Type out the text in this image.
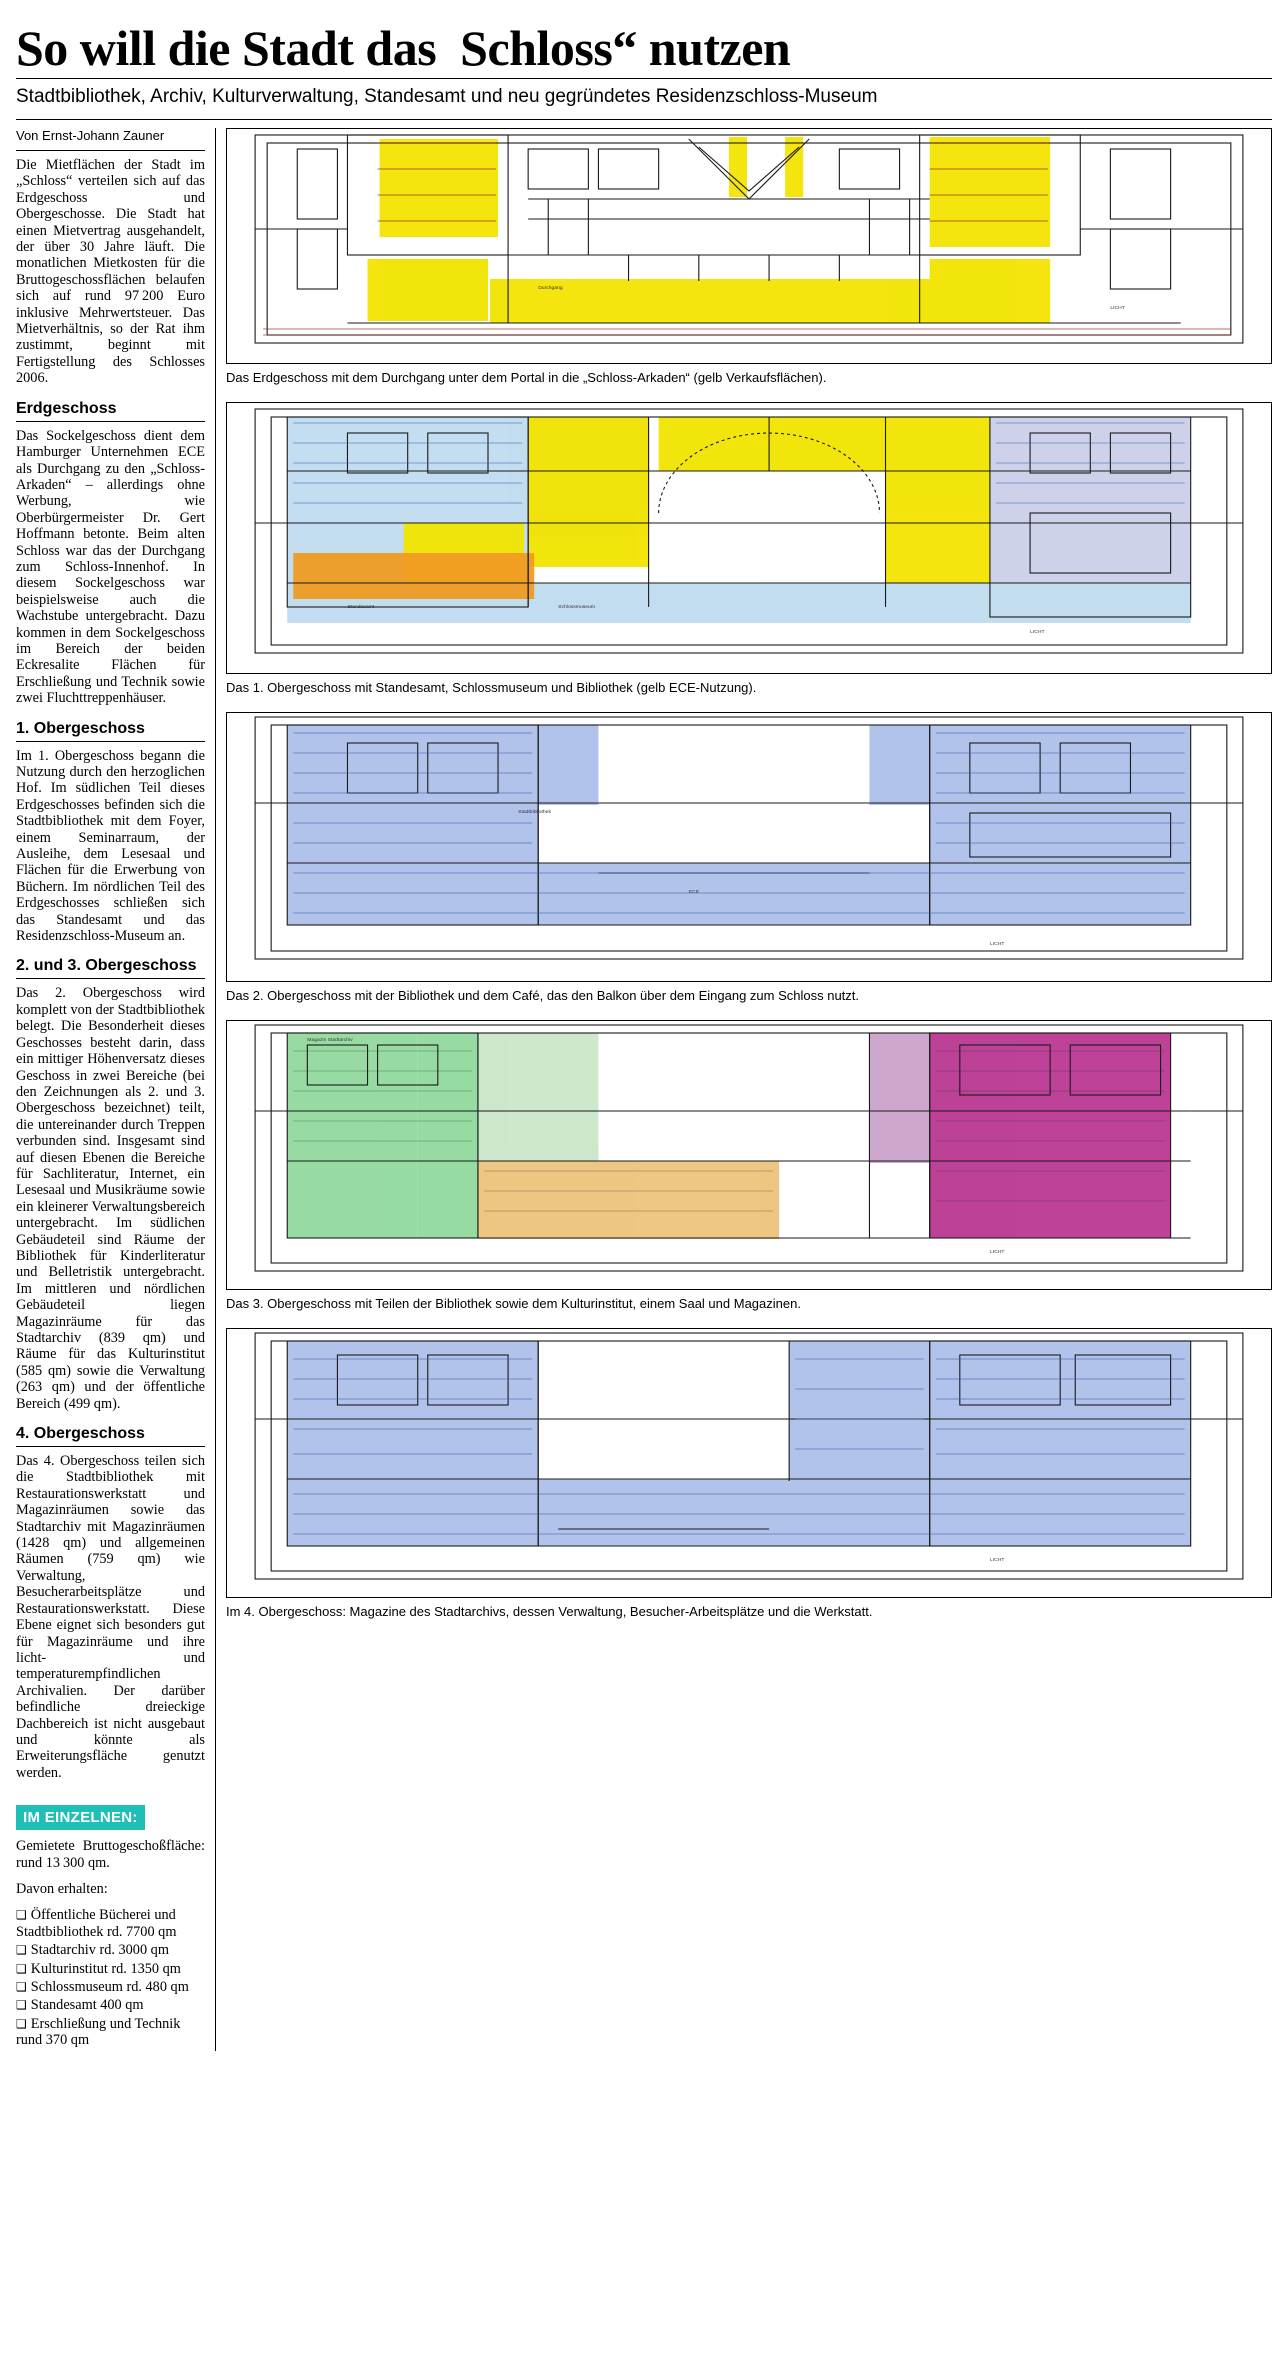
So will die Stadt das  Schloss“ nutzen
Stadtbibliothek, Archiv, Kulturverwaltung, Standesamt und neu gegründetes Residenzschloss-Museum
Von Ernst-Johann Zauner

Die Mietflächen der Stadt im „Schloss“ verteilen sich auf das Erdgeschoss und Obergeschosse. Die Stadt hat einen Mietvertrag ausgehandelt, der über 30 Jahre läuft. Die monatlichen Mietkosten für die Bruttogeschossflächen belaufen sich auf rund 97 200 Euro inklusive Mehrwertsteuer. Das Mietverhältnis, so der Rat ihm zustimmt, beginnt mit Fertigstellung des Schlosses 2006.

Erdgeschoss

Das Sockelgeschoss dient dem Hamburger Unternehmen ECE als Durchgang zu den „Schloss-Arkaden“ – allerdings ohne Werbung, wie Oberbürgermeister Dr. Gert Hoffmann betonte. Beim alten Schloss war das der Durchgang zum Schloss-Innenhof. In diesem Sockelgeschoss war beispielsweise auch die Wachstube untergebracht. Dazu kommen in dem Sockelgeschoss im Bereich der beiden Eckresalite Flächen für Erschließung und Technik sowie zwei Fluchttreppenhäuser.

1. Obergeschoss

Im 1. Obergeschoss begann die Nutzung durch den herzoglichen Hof. Im südlichen Teil dieses Erdgeschosses befinden sich die Stadtbibliothek mit dem Foyer, einem Seminarraum, der Ausleihe, dem Lesesaal und Flächen für die Erwerbung von Büchern. Im nördlichen Teil des Erdgeschosses schließen sich das Standesamt und das Residenzschloss-Museum an.

2. und 3. Obergeschoss

Das 2. Obergeschoss wird komplett von der Stadtbibliothek belegt. Die Besonderheit dieses Geschosses besteht darin, dass ein mittiger Höhenversatz dieses Geschoss in zwei Bereiche (bei den Zeichnungen als 2. und 3. Obergeschoss bezeichnet) teilt, die untereinander durch Treppen verbunden sind. Insgesamt sind auf diesen Ebenen die Bereiche für Sachliteratur, Internet, ein Lesesaal und Musikräume sowie ein kleinerer Verwaltungsbereich untergebracht. Im südlichen Gebäudeteil sind Räume der Bibliothek für Kinderliteratur und Belletristik untergebracht. Im mittleren und nördlichen Gebäudeteil liegen Magazinräume für das Stadtarchiv (839 qm) und Räume für das Kulturinstitut (585 qm) sowie die Verwaltung (263 qm) und der öffentliche Bereich (499 qm).

4. Obergeschoss

Das 4. Obergeschoss teilen sich die Stadtbibliothek mit Restaurationswerkstatt und Magazinräumen sowie das Stadtarchiv mit Magazinräumen (1428 qm) und allgemeinen Räumen (759 qm) wie Verwaltung, Besucherarbeitsplätze und Restaurationswerkstatt. Diese Ebene eignet sich besonders gut für Magazinräume und ihre licht- und temperaturempfindlichen Archivalien. Der darüber befindliche dreieckige Dachbereich ist nicht ausgebaut und könnte als Erweiterungsfläche genutzt werden.

IM EINZELNEN:

Gemietete Bruttogeschoßfläche: rund 13 300 qm.

Davon erhalten:

❑ Öffentliche Bücherei und Stadtbibliothek rd. 7700 qm
❑ Stadtarchiv rd. 3000 qm
❑ Kulturinstitut rd. 1350 qm
❑ Schlossmuseum rd. 480 qm
❑ Standesamt 400 qm
❑ Erschließung und Technik rund 370 qm
Durchgang
LICHT
Das Erdgeschoss mit dem Durchgang unter dem Portal in die „Schloss-Arkaden“ (gelb Verkaufsflächen).
Standesamt	Schlossmuseum
LICHT
Das 1. Obergeschoss mit Standesamt, Schlossmuseum und Bibliothek (gelb ECE-Nutzung).
ECE
LICHT
Stadtbibliothek
Das 2. Obergeschoss mit der Bibliothek und dem Café, das den Balkon über dem Eingang zum Schloss nutzt.
Magazin Stadtarchiv
LICHT
Das 3. Obergeschoss mit Teilen der Bibliothek sowie dem Kulturinstitut, einem Saal und Magazinen.
LICHT
Im 4. Obergeschoss: Magazine des Stadtarchivs, dessen Verwaltung, Besucher-Arbeitsplätze und die Werkstatt.
